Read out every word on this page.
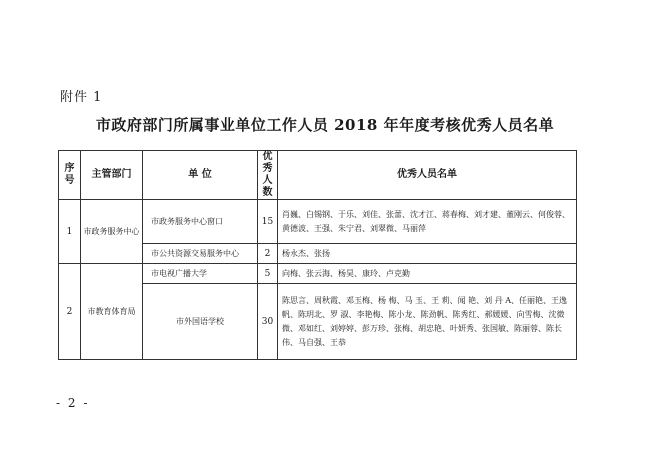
附件 1
市政府部门所属事业单位工作人员 2018 年年度考核优秀人员名单
序号	主管部门	单 位	优秀人数	优秀人员名单
1	市政务服务中心	市政务服务中心窗口	15	肖巍、白锡钢、于乐、刘佳、张蕾、沈才江、蒋春梅、刘才建、董刚云、何俊蓉、黄德波、王强、朱宁君、刘翠微、马丽萍
		市公共资源交易服务中心	2	杨永杰、张扬
2	市教育体育局	市电视广播大学	5	向梅、张云海、杨昊、康玲、卢克勤
		市外国语学校	30	陈思言、周秋霞、邓玉梅、杨 梅、马 玉、王 莉、闻 艳、刘 丹 A、任丽艳、王逸帆、陈玥北、罗 淑、李艳梅、陈小龙、陈劲帆、陈秀红、郝媛媛、向雪梅、沈微微、邓如红、刘婷婷、彭万珍、张梅、胡忠艳、叶妍秀、张国敏、陈丽蓉、陈长伟、马自强、王恭
- 2 -
